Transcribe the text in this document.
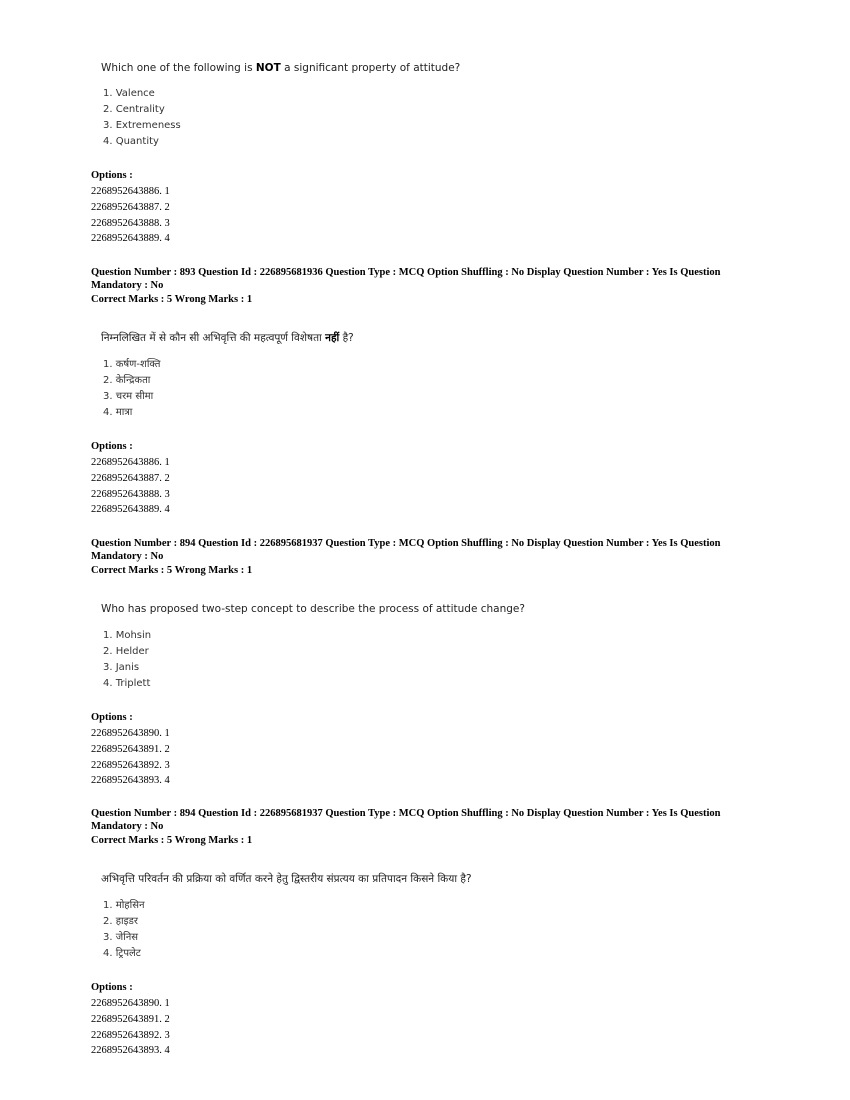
Which one of the following is NOT a significant property of attitude?
1. Valence
2. Centrality
3. Extremeness
4. Quantity
Options :
2268952643886. 1
2268952643887. 2
2268952643888. 3
2268952643889. 4
Question Number : 893 Question Id : 226895681936 Question Type : MCQ Option Shuffling : No Display Question Number : Yes Is Question Mandatory : No
Correct Marks : 5 Wrong Marks : 1
निम्नलिखित में से कौन सी अभिवृत्ति की महत्वपूर्ण विशेषता नहीं है?
1. कर्षण-शक्ति
2. केन्द्रिकता
3. चरम सीमा
4. मात्रा
Options :
2268952643886. 1
2268952643887. 2
2268952643888. 3
2268952643889. 4
Question Number : 894 Question Id : 226895681937 Question Type : MCQ Option Shuffling : No Display Question Number : Yes Is Question Mandatory : No
Correct Marks : 5 Wrong Marks : 1
Who has proposed two-step concept to describe the process of attitude change?
1. Mohsin
2. Helder
3. Janis
4. Triplett
Options :
2268952643890. 1
2268952643891. 2
2268952643892. 3
2268952643893. 4
Question Number : 894 Question Id : 226895681937 Question Type : MCQ Option Shuffling : No Display Question Number : Yes Is Question Mandatory : No
Correct Marks : 5 Wrong Marks : 1
अभिवृत्ति परिवर्तन की प्रक्रिया को वर्णित करने हेतु द्विस्तरीय संप्रत्यय का प्रतिपादन किसने किया है?
1. मोहसिन
2. हाइडर
3. जेनिस
4. ट्रिपलेट
Options :
2268952643890. 1
2268952643891. 2
2268952643892. 3
2268952643893. 4
